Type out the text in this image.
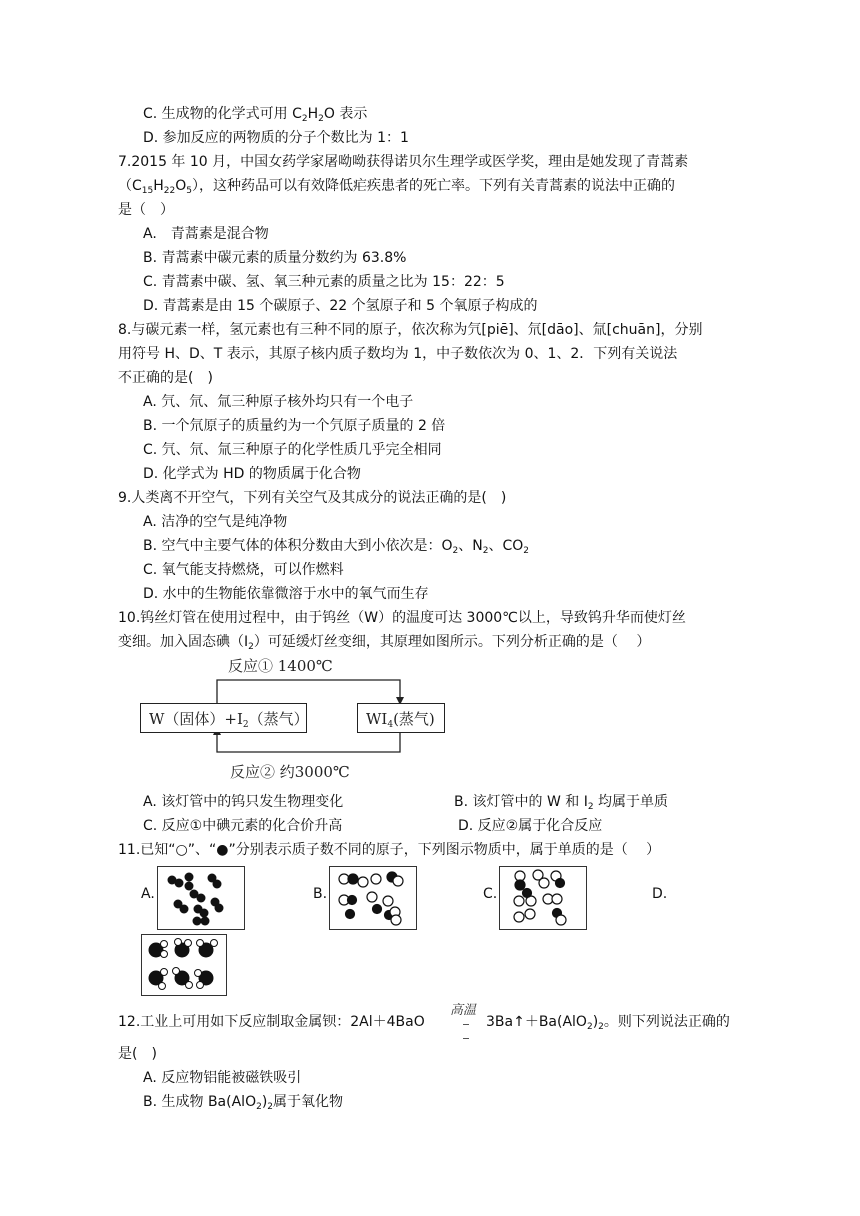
C. 生成物的化学式可用 $C_2H_2O$ 表示
D. 参加反应的两物质的分子个数比为 1：1
7.2015 年 10 月，中国女药学家屠呦呦获得诺贝尔生理学或医学奖，理由是她发现了青蒿素
$(C_{15}H_{22}O_5)$，这种药品可以有效降低疟疾患者的死亡率。下列有关青蒿素的说法中正确的
是（　）
A.　青蒿素是混合物
B. 青蒿素中碳元素的质量分数约为 63.8%
C. 青蒿素中碳、氢、氧三种元素的质量之比为 15：22：5
D. 青蒿素是由 15 个碳原子、22 个氢原子和 5 个氧原子构成的
8.与碳元素一样，氢元素也有三种不同的原子，依次称为氕[piē]、氘[dāo]、氚[chuān]，分别
用符号 H、D、T 表示，其原子核内质子数均为 1，中子数依次为 0、1、2．下列有关说法
不正确的是(　)
A. 氕、氘、氚三种原子核外均只有一个电子
B. 一个氘原子的质量约为一个氕原子质量的 2 倍
C. 氕、氘、氚三种原子的化学性质几乎完全相同
D. 化学式为 HD 的物质属于化合物
9.人类离不开空气，下列有关空气及其成分的说法正确的是(　)
A. 洁净的空气是纯净物
B. 空气中主要气体的体积分数由大到小依次是：$O_2$、$N_2$、$CO_2$
C. 氧气能支持燃烧，可以作燃料
D. 水中的生物能依靠微溶于水中的氧气而生存
10.钨丝灯管在使用过程中，由于钨丝（W）的温度可达 3000℃以上，导致钨升华而使灯丝
变细。加入固态碘$(I_2)$可延缓灯丝变细，其原理如图所示。下列分析正确的是（　 ）
反应① 1400℃
W（固体）$+I_2$（蒸气）	$WI_4$(蒸气)
反应② 约3000℃
A. 该灯管中的钨只发生物理变化	B. 该灯管中的 W 和 $I_2$ 均属于单质
C. 反应①中碘元素的化合价升高	D. 反应②属于化合反应
11.已知“○”、“●”分别表示质子数不同的原子，下列图示物质中，属于单质的是（　 ）
A.	B.	C.	D.
12.工业上可用如下反应制取金属钡：2Al＋4BaO
高温
$3Ba↑+Ba(AlO_2)_2$。则下列说法正确的
是(　)
A. 反应物铝能被磁铁吸引
B. 生成物 $Ba(AlO_2)_2$属于氧化物
